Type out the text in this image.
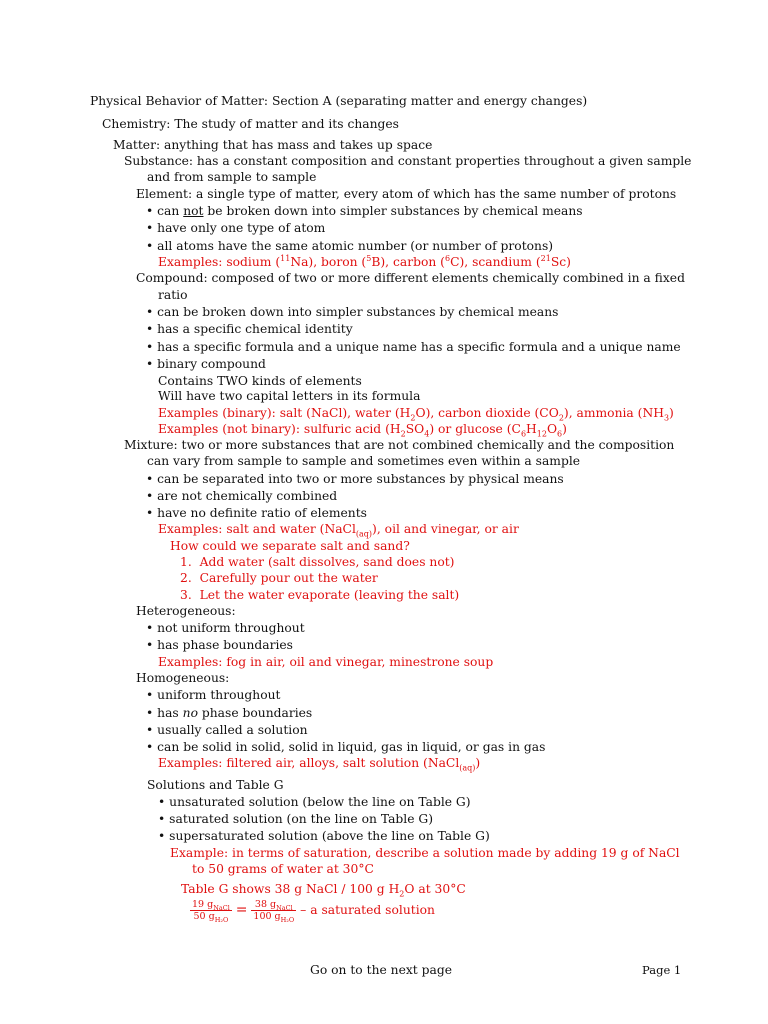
Physical Behavior of Matter: Section A (separating matter and energy changes)
Chemistry: The study of matter and its changes
Matter: anything that has mass and takes up space
Substance: has a constant composition and constant properties throughout a given sample
and from sample to sample
Element: a single type of matter, every atom of which has the same number of protons
• can not be broken down into simpler substances by chemical means
• have only one type of atom
• all atoms have the same atomic number (or number of protons)
Examples: sodium ($^{11}$Na), boron ($^5$B), carbon ($^6$C), scandium ($^{21}$Sc)
Compound: composed of two or more different elements chemically combined in a fixed
ratio
• can be broken down into simpler substances by chemical means
• has a specific chemical identity
• has a specific formula and a unique name has a specific formula and a unique name
• binary compound
Contains TWO kinds of elements
Will have two capital letters in its formula
Examples (binary): salt (NaCl), water $(H_2O)$, carbon dioxide $(CO_2)$, ammonia $(NH_3)$
Examples (not binary): sulfuric acid $(H_2SO_4)$ or glucose $(C_6H_{12}O_6)$
Mixture: two or more substances that are not combined chemically and the composition
can vary from sample to sample and sometimes even within a sample
• can be separated into two or more substances by physical means
• are not chemically combined
• have no definite ratio of elements
Examples: salt and water (NaCl$_{(aq)}$), oil and vinegar, or air
How could we separate salt and sand?
1. Add water (salt dissolves, sand does not)
2. Carefully pour out the water
3. Let the water evaporate (leaving the salt)
Heterogeneous:
• not uniform throughout
• has phase boundaries
Examples: fog in air, oil and vinegar, minestrone soup
Homogeneous:
• uniform throughout
• has no phase boundaries
• usually called a solution
• can be solid in solid, solid in liquid, gas in liquid, or gas in gas
Examples: filtered air, alloys, salt solution (NaCl$_{(aq)}$)
Solutions and Table G
• unsaturated solution (below the line on Table G)
• saturated solution (on the line on Table G)
• supersaturated solution (above the line on Table G)
Example: in terms of saturation, describe a solution made by adding 19 g of NaCl
to 50 grams of water at 30°C
Table G shows 38 g NaCl / 100 g $H_2O$ at 30°C
$\frac{19 g_{NaCl}}{50 g_{H_2O}} = \frac{38 g_{NaCl}}{100 g_{H_2O}} - a$ saturated solution
Go on to the next page	Page 1
